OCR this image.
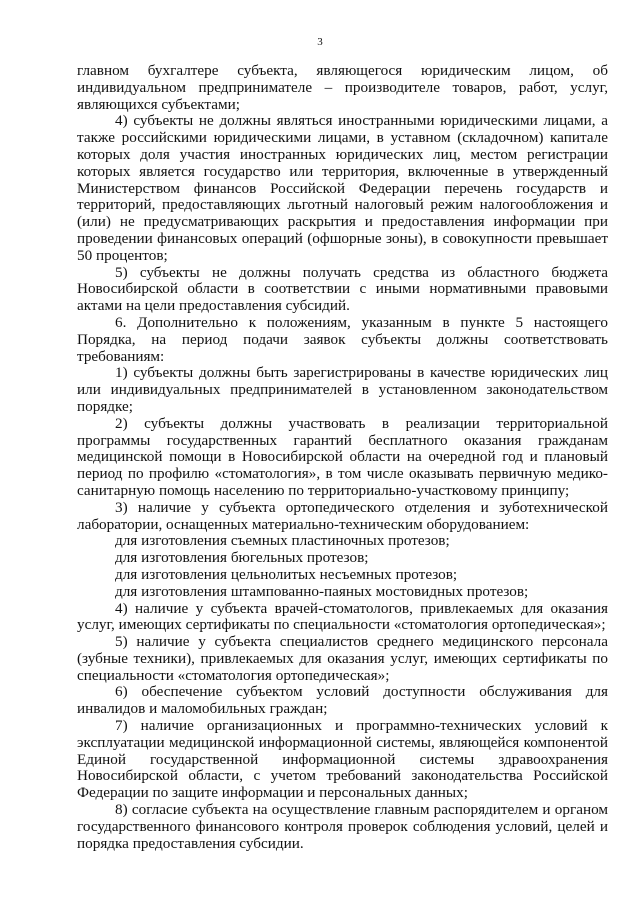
3

главном бухгалтере субъекта, являющегося юридическим лицом, об индивидуальном предпринимателе – производителе товаров, работ, услуг, являющихся субъектами;

4) субъекты не должны являться иностранными юридическими лицами, а также российскими юридическими лицами, в уставном (складочном) капитале которых доля участия иностранных юридических лиц, местом регистрации которых является государство или территория, включенные в утвержденный Министерством финансов Российской Федерации перечень государств и территорий, предоставляющих льготный налоговый режим налогообложения и (или) не предусматривающих раскрытия и предоставления информации при проведении финансовых операций (офшорные зоны), в совокупности превышает 50 процентов;

5) субъекты не должны получать средства из областного бюджета Новосибирской области в соответствии с иными нормативными правовыми актами на цели предоставления субсидий.

6. Дополнительно к положениям, указанным в пункте 5 настоящего Порядка, на период подачи заявок субъекты должны соответствовать требованиям:

1) субъекты должны быть зарегистрированы в качестве юридических лиц или индивидуальных предпринимателей в установленном законодательством порядке;

2) субъекты должны участвовать в реализации территориальной программы государственных гарантий бесплатного оказания гражданам медицинской помощи в Новосибирской области на очередной год и плановый период по профилю «стоматология», в том числе оказывать первичную медико-санитарную помощь населению по территориально-участковому принципу;

3) наличие у субъекта ортопедического отделения и зуботехнической лаборатории, оснащенных материально-техническим оборудованием:

для изготовления съемных пластиночных протезов;

для изготовления бюгельных протезов;

для изготовления цельнолитых несъемных протезов;

для изготовления штампованно-паяных мостовидных протезов;

4) наличие у субъекта врачей-стоматологов, привлекаемых для оказания услуг, имеющих сертификаты по специальности «стоматология ортопедическая»;

5) наличие у субъекта специалистов среднего медицинского персонала (зубные техники), привлекаемых для оказания услуг, имеющих сертификаты по специальности «стоматология ортопедическая»;

6) обеспечение субъектом условий доступности обслуживания для инвалидов и маломобильных граждан;

7) наличие организационных и программно-технических условий к эксплуатации медицинской информационной системы, являющейся компонентой Единой государственной информационной системы здравоохранения Новосибирской области, с учетом требований законодательства Российской Федерации по защите информации и персональных данных;

8) согласие субъекта на осуществление главным распорядителем и органом государственного финансового контроля проверок соблюдения условий, целей и порядка предоставления субсидии.
